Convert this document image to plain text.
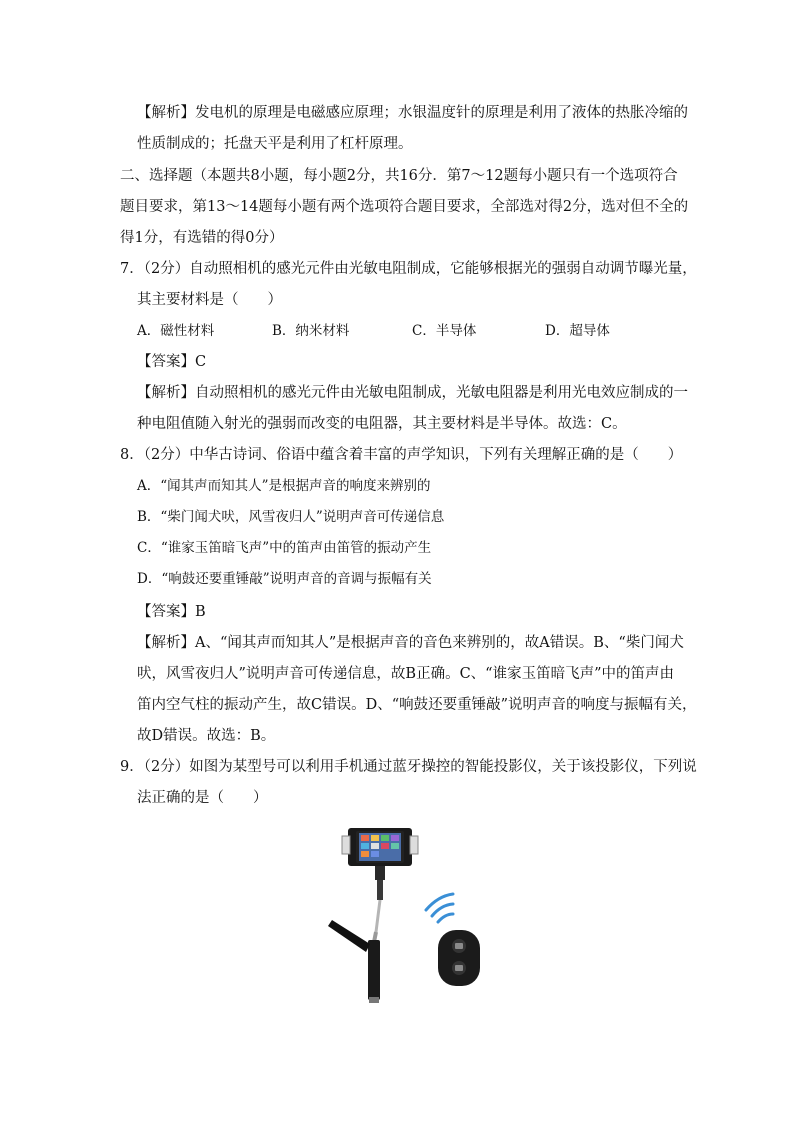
【解析】发电机的原理是电磁感应原理；水银温度针的原理是利用了液体的热胀冷缩的
性质制成的；托盘天平是利用了杠杆原理。
二、选择题（本题共8小题，每小题2分，共16分．第7～12题每小题只有一个选项符合
题目要求，第13～14题每小题有两个选项符合题目要求，全部选对得2分，选对但不全的
得1分，有选错的得0分）
7．（2分）自动照相机的感光元件由光敏电阻制成，它能够根据光的强弱自动调节曝光量，
其主要材料是（　　）
A．磁性材料	B．纳米材料	C．半导体	D．超导体
【答案】C
【解析】自动照相机的感光元件由光敏电阻制成，光敏电阻器是利用光电效应制成的一
种电阻值随入射光的强弱而改变的电阻器，其主要材料是半导体。故选：C。
8．（2分）中华古诗词、俗语中蕴含着丰富的声学知识，下列有关理解正确的是（　　）
A．“闻其声而知其人”是根据声音的响度来辨别的
B．“柴门闻犬吠，风雪夜归人”说明声音可传递信息
C．“谁家玉笛暗飞声”中的笛声由笛管的振动产生
D．“响鼓还要重锤敲”说明声音的音调与振幅有关
【答案】B
【解析】A、“闻其声而知其人”是根据声音的音色来辨别的，故A错误。B、“柴门闻犬
吠，风雪夜归人”说明声音可传递信息，故B正确。C、“谁家玉笛暗飞声”中的笛声由
笛内空气柱的振动产生，故C错误。D、“响鼓还要重锤敲”说明声音的响度与振幅有关，
故D错误。故选：B。
9．（2分）如图为某型号可以利用手机通过蓝牙操控的智能投影仪，关于该投影仪，下列说
法正确的是（　　）
